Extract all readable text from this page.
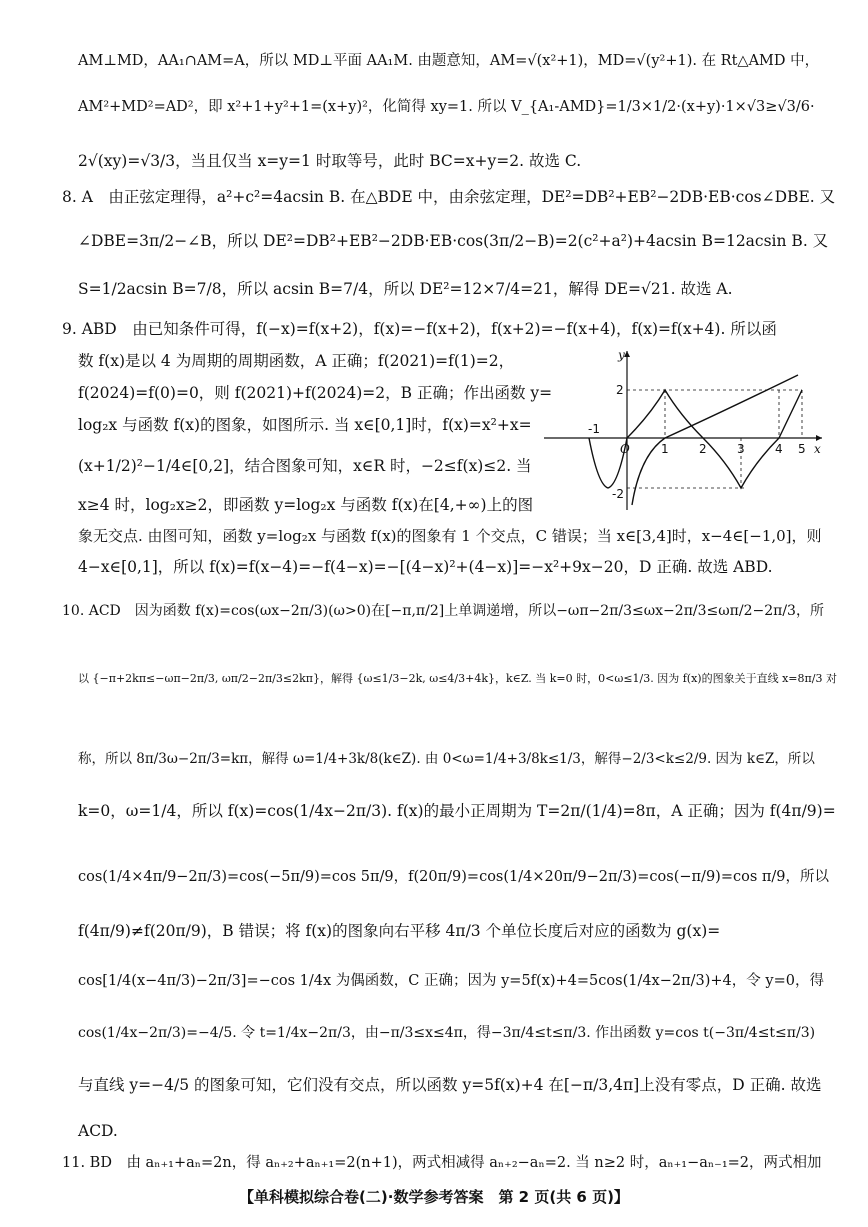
AM⊥MD，AA₁∩AM=A，所以 MD⊥平面 AA₁M. 由题意知，AM=√(x²+1)，MD=√(y²+1). 在 Rt△AMD 中，
AM²+MD²=AD²，即 x²+1+y²+1=(x+y)²，化简得 xy=1. 所以 V_{A₁-AMD}=1/3×1/2·(x+y)·1×√3≥√3/6·
2√(xy)=√3/3，当且仅当 x=y=1 时取等号，此时 BC=x+y=2. 故选 C.
8. A　由正弦定理得，a²+c²=4acsin B. 在△BDE 中，由余弦定理，DE²=DB²+EB²−2DB·EB·cos∠DBE. 又
∠DBE=3π/2−∠B，所以 DE²=DB²+EB²−2DB·EB·cos(3π/2−B)=2(c²+a²)+4acsin B=12acsin B. 又
S=1/2acsin B=7/8，所以 acsin B=7/4，所以 DE²=12×7/4=21，解得 DE=√21. 故选 A.
9. ABD　由已知条件可得，f(−x)=f(x+2)，f(x)=−f(x+2)，f(x+2)=−f(x+4)，f(x)=f(x+4). 所以函
数 f(x)是以 4 为周期的周期函数，A 正确；f(2021)=f(1)=2，
f(2024)=f(0)=0，则 f(2021)+f(2024)=2，B 正确；作出函数 y=
log₂x 与函数 f(x)的图象，如图所示. 当 x∈[0,1]时，f(x)=x²+x=
(x+1/2)²−1/4∈[0,2]，结合图象可知，x∈R 时，−2≤f(x)≤2. 当
x≥4 时，log₂x≥2，即函数 y=log₂x 与函数 f(x)在[4,+∞)上的图
象无交点. 由图可知，函数 y=log₂x 与函数 f(x)的图象有 1 个交点，C 错误；当 x∈[3,4]时，x−4∈[−1,0]，则
4−x∈[0,1]，所以 f(x)=f(x−4)=−f(4−x)=−[(4−x)²+(4−x)]=−x²+9x−20，D 正确. 故选 ABD.
10. ACD　因为函数 f(x)=cos(ωx−2π/3)(ω>0)在[−π,π/2]上单调递增，所以−ωπ−2π/3≤ωx−2π/3≤ωπ/2−2π/3，所
以 {−π+2kπ≤−ωπ−2π/3, ωπ/2−2π/3≤2kπ}，解得 {ω≤1/3−2k, ω≤4/3+4k}，k∈Z. 当 k=0 时，0<ω≤1/3. 因为 f(x)的图象关于直线 x=8π/3 对
称，所以 8π/3ω−2π/3=kπ，解得 ω=1/4+3k/8(k∈Z). 由 0<ω=1/4+3/8k≤1/3，解得−2/3<k≤2/9. 因为 k∈Z，所以
k=0，ω=1/4，所以 f(x)=cos(1/4x−2π/3). f(x)的最小正周期为 T=2π/(1/4)=8π，A 正确；因为 f(4π/9)=
cos(1/4×4π/9−2π/3)=cos(−5π/9)=cos 5π/9，f(20π/9)=cos(1/4×20π/9−2π/3)=cos(−π/9)=cos π/9，所以
f(4π/9)≠f(20π/9)，B 错误；将 f(x)的图象向右平移 4π/3 个单位长度后对应的函数为 g(x)=
cos[1/4(x−4π/3)−2π/3]=−cos 1/4x 为偶函数，C 正确；因为 y=5f(x)+4=5cos(1/4x−2π/3)+4，令 y=0，得
cos(1/4x−2π/3)=−4/5. 令 t=1/4x−2π/3，由−π/3≤x≤4π，得−3π/4≤t≤π/3. 作出函数 y=cos t(−3π/4≤t≤π/3)
与直线 y=−4/5 的图象可知，它们没有交点，所以函数 y=5f(x)+4 在[−π/3,4π]上没有零点，D 正确. 故选
ACD.
11. BD　由 aₙ₊₁+aₙ=2n，得 aₙ₊₂+aₙ₊₁=2(n+1)，两式相减得 aₙ₊₂−aₙ=2. 当 n≥2 时，aₙ₊₁−aₙ₋₁=2，两式相加
-1
O	1	2	3	4 5 x
2
-2
y
【单科模拟综合卷(二)·数学参考答案　第 2 页(共 6 页)】
